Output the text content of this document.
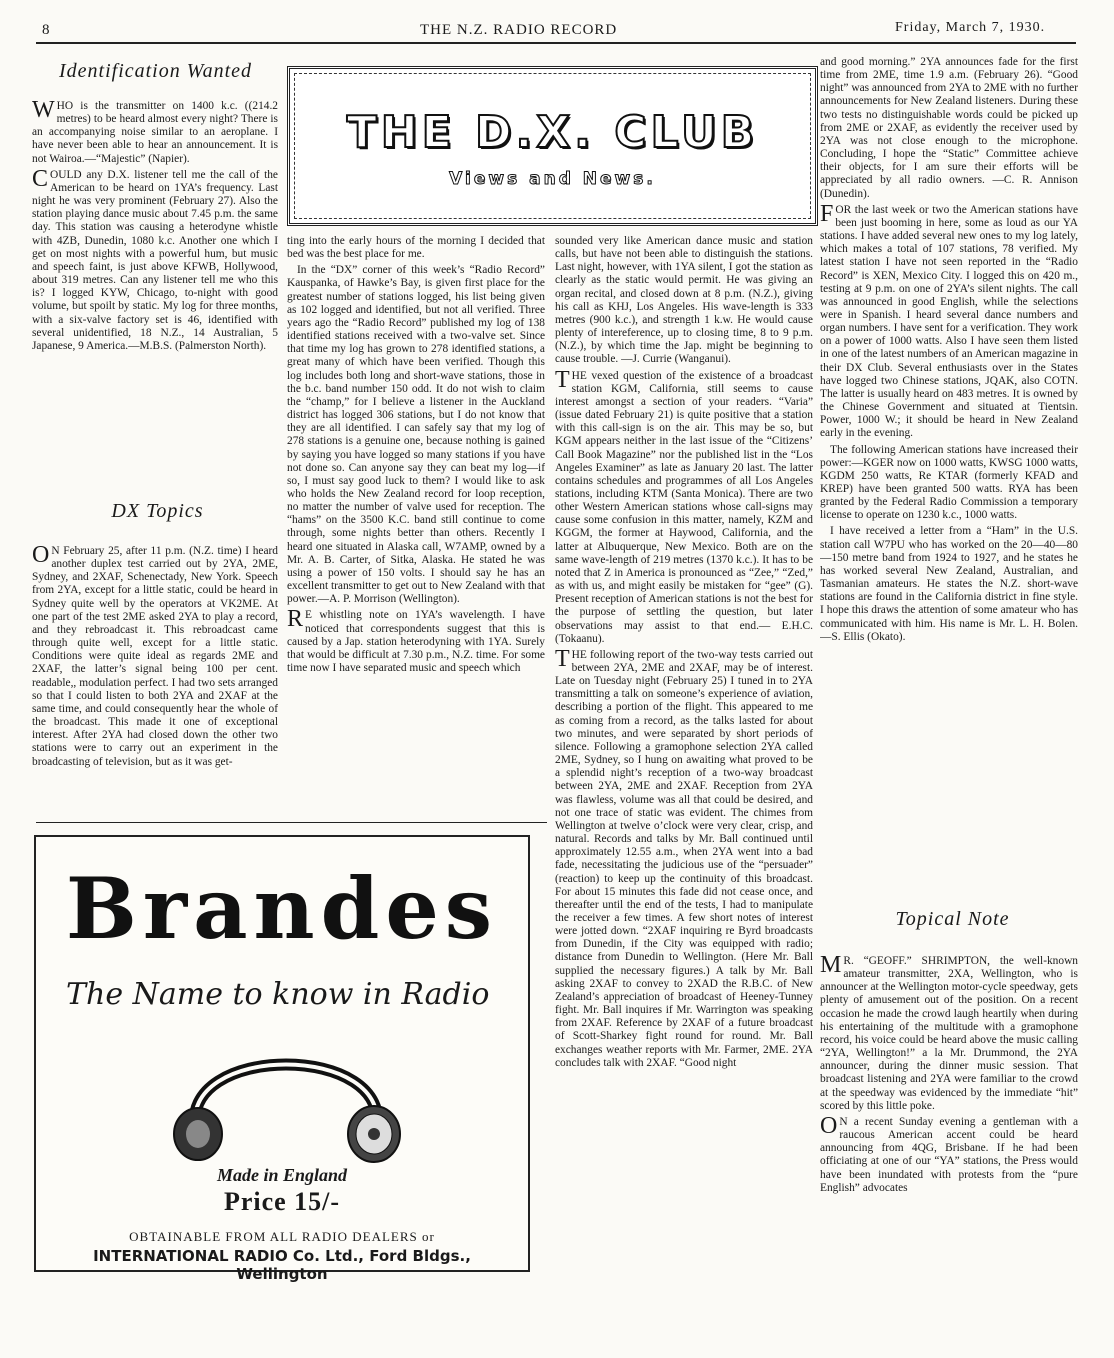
8	THE N.Z. RADIO RECORD	Friday, March 7, 1930.
THE D.X. CLUB
Views and News.
Identification Wanted

WHO is the transmitter on 1400 k.c. ((214.2 metres) to be heard almost every night? There is an accompanying noise similar to an aeroplane. I have never been able to hear an announcement. It is not Wairoa.—“Majestic” (Napier).

COULD any D.X. listener tell me the call of the American to be heard on 1YA’s frequency. Last night he was very prominent (February 27). Also the station playing dance music about 7.45 p.m. the same day. This station was causing a heterodyne whistle with 4ZB, Dunedin, 1080 k.c. Another one which I get on most nights with a powerful hum, but music and speech faint, is just above KFWB, Hollywood, about 319 metres. Can any listener tell me who this is? I logged KYW, Chicago, to-night with good volume, but spoilt by static. My log for three months, with a six-valve factory set is 46, identified with several unidentified, 18 N.Z., 14 Australian, 5 Japanese, 9 America.—M.B.S. (Palmerston North).

DX Topics

ON February 25, after 11 p.m. (N.Z. time) I heard another duplex test carried out by 2YA, 2ME, Sydney, and 2XAF, Schenectady, New York. Speech from 2YA, except for a little static, could be heard in Sydney quite well by the operators at VK2ME. At one part of the test 2ME asked 2YA to play a record, and they rebroadcast it. This rebroadcast came through quite well, except for a little static. Conditions were quite ideal as regards 2ME and 2XAF, the latter’s signal being 100 per cent. readable,, modulation perfect. I had two sets arranged so that I could listen to both 2YA and 2XAF at the same time, and could consequently hear the whole of the broadcast. This made it one of exceptional interest. After 2YA had closed down the other two stations were to carry out an experiment in the broadcasting of television, but as it was get-

ting into the early hours of the morning I decided that bed was the best place for me.

In the “DX” corner of this week’s “Radio Record” Kauspanka, of Hawke’s Bay, is given first place for the greatest number of stations logged, his list being given as 102 logged and identified, but not all verified. Three years ago the “Radio Record” published my log of 138 identified stations received with a two-valve set. Since that time my log has grown to 278 identified stations, a great many of which have been verified. Though this log includes both long and short-wave stations, those in the b.c. band number 150 odd. It do not wish to claim the “champ,” for I believe a listener in the Auckland district has logged 306 stations, but I do not know that they are all identified. I can safely say that my log of 278 stations is a genuine one, because nothing is gained by saying you have logged so many stations if you have not done so. Can anyone say they can beat my log—if so, I must say good luck to them? I would like to ask who holds the New Zealand record for loop reception, no matter the number of valve used for reception. The “hams” on the 3500 K.C. band still continue to come through, some nights better than others. Recently I heard one situated in Alaska call, W7AMP, owned by a Mr. A. B. Carter, of Sitka, Alaska. He stated he was using a power of 150 volts. I should say he has an excellent transmitter to get out to New Zealand with that power.—A. P. Morrison (Wellington).

RE whistling note on 1YA’s wavelength. I have noticed that correspondents suggest that this is caused by a Jap. station heterodyning with 1YA. Surely that would be difficult at 7.30 p.m., N.Z. time. For some time now I have separated music and speech which

sounded very like American dance music and station calls, but have not been able to distinguish the stations. Last night, however, with 1YA silent, I got the station as clearly as the static would permit. He was giving an organ recital, and closed down at 8 p.m. (N.Z.), giving his call as KHJ, Los Angeles. His wave-length is 333 metres (900 k.c.), and strength 1 k.w. He would cause plenty of intereference, up to closing time, 8 to 9 p.m. (N.Z.), by which time the Jap. might be beginning to cause trouble. —J. Currie (Wanganui).

THE vexed question of the existence of a broadcast station KGM, California, still seems to cause interest amongst a section of your readers. “Varia” (issue dated February 21) is quite positive that a station with this call-sign is on the air. This may be so, but KGM appears neither in the last issue of the “Citizens’ Call Book Magazine” nor the published list in the “Los Angeles Examiner” as late as January 20 last. The latter contains schedules and programmes of all Los Angeles stations, including KTM (Santa Monica). There are two other Western American stations whose call-signs may cause some confusion in this matter, namely, KZM and KGGM, the former at Haywood, California, and the latter at Albuquerque, New Mexico. Both are on the same wave-length of 219 metres (1370 k.c.). It has to be noted that Z in America is pronounced as “Zee,” “Zed,” as with us, and might easily be mistaken for “gee” (G). Present reception of American stations is not the best for the purpose of settling the question, but later observations may assist to that end.— E.H.C. (Tokaanu).

THE following report of the two-way tests carried out between 2YA, 2ME and 2XAF, may be of interest. Late on Tuesday night (February 25) I tuned in to 2YA transmitting a talk on someone’s experience of aviation, describing a portion of the flight. This appeared to me as coming from a record, as the talks lasted for about two minutes, and were separated by short periods of silence. Following a gramophone selection 2YA called 2ME, Sydney, so I hung on awaiting what proved to be a splendid night’s reception of a two-way broadcast between 2YA, 2ME and 2XAF. Reception from 2YA was flawless, volume was all that could be desired, and not one trace of static was evident. The chimes from Wellington at twelve o’clock were very clear, crisp, and natural. Records and talks by Mr. Ball continued until approximately 12.55 a.m., when 2YA went into a bad fade, necessitating the judicious use of the “persuader” (reaction) to keep up the continuity of this broadcast. For about 15 minutes this fade did not cease once, and thereafter until the end of the tests, I had to manipulate the receiver a few times. A few short notes of interest were jotted down. “2XAF inquiring re Byrd broadcasts from Dunedin, if the City was equipped with radio; distance from Dunedin to Wellington. (Here Mr. Ball supplied the necessary figures.) A talk by Mr. Ball asking 2XAF to convey to 2XAD the R.B.C. of New Zealand’s appreciation of broadcast of Heeney-Tunney fight. Mr. Ball inquires if Mr. Warrington was speaking from 2XAF. Reference by 2XAF of a future broadcast of Scott-Sharkey fight round for round. Mr. Ball exchanges weather reports with Mr. Farmer, 2ME. 2YA concludes talk with 2XAF. “Good night

and good morning.” 2YA announces fade for the first time from 2ME, time 1.9 a.m. (February 26). “Good night” was announced from 2YA to 2ME with no further announcements for New Zealand listeners. During these two tests no distinguishable words could be picked up from 2ME or 2XAF, as evidently the receiver used by 2YA was not close enough to the microphone. Concluding, I hope the “Static” Committee achieve their objects, for I am sure their efforts will be appreciated by all radio owners. —C. R. Annison (Dunedin).

FOR the last week or two the American stations have been just booming in here, some as loud as our YA stations. I have added several new ones to my log lately, which makes a total of 107 stations, 78 verified. My latest station I have not seen reported in the “Radio Record” is XEN, Mexico City. I logged this on 420 m., testing at 9 p.m. on one of 2YA’s silent nights. The call was announced in good English, while the selections were in Spanish. I heard several dance numbers and organ numbers. I have sent for a verification. They work on a power of 1000 watts. Also I have seen them listed in one of the latest numbers of an American magazine in their DX Club. Several enthusiasts over in the States have logged two Chinese stations, JQAK, also COTN. The latter is usually heard on 483 metres. It is owned by the Chinese Government and situated at Tientsin. Power, 1000 W.; it should be heard in New Zealand early in the evening.

The following American stations have increased their power:—KGER now on 1000 watts, KWSG 1000 watts, KGDM 250 watts, Re KTAR (formerly KFAD and KREP) have been granted 500 watts. RYA has been granted by the Federal Radio Commission a temporary license to operate on 1230 k.c., 1000 watts.

I have received a letter from a “Ham” in the U.S. station call W7PU who has worked on the 20—40—80—150 metre band from 1924 to 1927, and he states he has worked several New Zealand, Australian, and Tasmanian amateurs. He states the N.Z. short-wave stations are found in the California district in fine style. I hope this draws the attention of some amateur who has communicated with him. His name is Mr. L. H. Bolen.—S. Ellis (Okato).

Topical Note

MR. “GEOFF.” SHRIMPTON, the well-known amateur transmitter, 2XA, Wellington, who is announcer at the Wellington motor-cycle speedway, gets plenty of amusement out of the position. On a recent occasion he made the crowd laugh heartily when during his entertaining of the multitude with a gramophone record, his voice could be heard above the music calling “2YA, Wellington!” a la Mr. Drummond, the 2YA announcer, during the dinner music session. That broadcast listening and 2YA were familiar to the crowd at the speedway was evidenced by the immediate “hit” scored by this little poke.

ON a recent Sunday evening a gentleman with a raucous American accent could be heard announcing from 4QG, Brisbane. If he had been officiating at one of our “YA” stations, the Press would have been inundated with protests from the “pure English” advocates

Brandes
The Name to know in Radio
Made in England
Price 15/-
OBTAINABLE FROM ALL RADIO DEALERS or
INTERNATIONAL RADIO Co. Ltd., Ford Bldgs., Wellington
